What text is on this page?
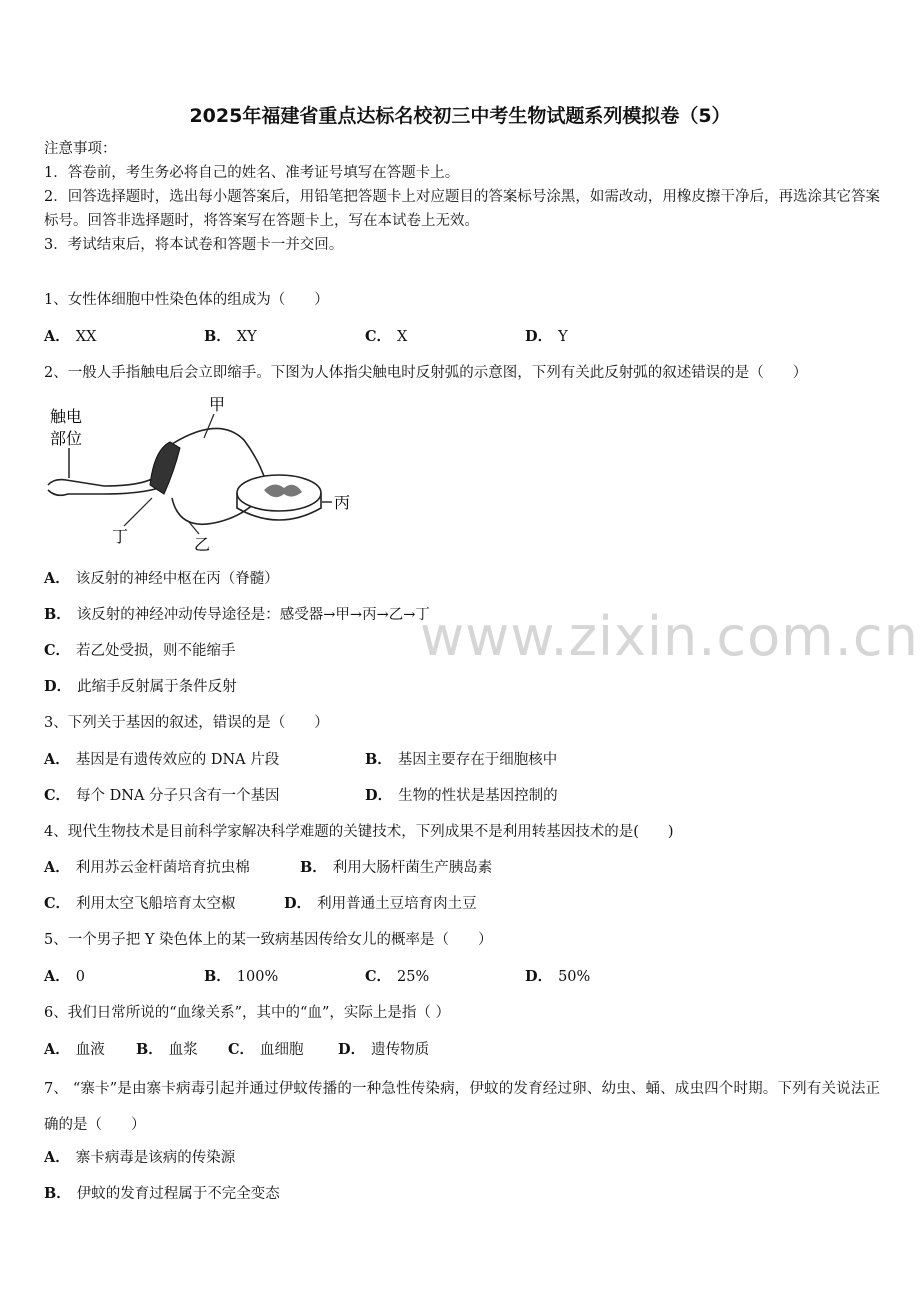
2025年福建省重点达标名校初三中考生物试题系列模拟卷（5）
注意事项：
1．答卷前，考生务必将自己的姓名、准考证号填写在答题卡上。
2．回答选择题时，选出每小题答案后，用铅笔把答题卡上对应题目的答案标号涂黑，如需改动，用橡皮擦干净后，再选涂其它答案标号。回答非选择题时，将答案写在答题卡上，写在本试卷上无效。
3．考试结束后，将本试卷和答题卡一并交回。
1、女性体细胞中性染色体的组成为（　　）
A． XX	B． XY	C． X	D． Y
2、一般人手指触电后会立即缩手。下图为人体指尖触电时反射弧的示意图，下列有关此反射弧的叙述错误的是（　　）
触电
部位
丙
甲
丁	乙
A． 该反射的神经中枢在丙（脊髓）
B． 该反射的神经冲动传导途径是：感受器→甲→丙→乙→丁
C． 若乙处受损，则不能缩手
D． 此缩手反射属于条件反射
3、下列关于基因的叙述，错误的是（　　）
A． 基因是有遗传效应的 DNA 片段	B． 基因主要存在于细胞核中
C． 每个 DNA 分子只含有一个基因	D． 生物的性状是基因控制的
4、现代生物技术是目前科学家解决科学难题的关键技术，下列成果不是利用转基因技术的是(　　)
A． 利用苏云金杆菌培育抗虫棉	B． 利用大肠杆菌生产胰岛素
C． 利用太空飞船培育太空椒	D． 利用普通土豆培育肉土豆
5、一个男子把 Y 染色体上的某一致病基因传给女儿的概率是（　　）
A． 0	B． 100%	C． 25%	D． 50%
6、我们日常所说的“血缘关系”，其中的“血”，实际上是指（ ）
A． 血液 B． 血浆 C． 血细胞 D． 遗传物质
7、 “寨卡”是由寨卡病毒引起并通过伊蚊传播的一种急性传染病，伊蚊的发育经过卵、幼虫、蛹、成虫四个时期。下列有关说法正确的是（　　）
A． 寨卡病毒是该病的传染源
B． 伊蚊的发育过程属于不完全变态
www.zixin.com.cn
